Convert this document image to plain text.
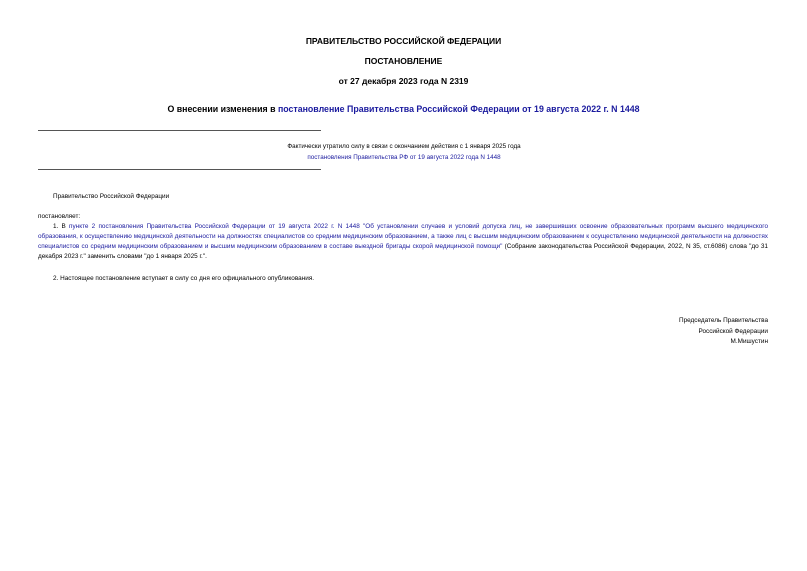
ПРАВИТЕЛЬСТВО РОССИЙСКОЙ ФЕДЕРАЦИИ
ПОСТАНОВЛЕНИЕ
от 27 декабря 2023 года N 2319
О внесении изменения в постановление Правительства Российской Федерации от 19 августа 2022 г. N 1448
Фактически утратило силу в связи с окончанием действия с 1 января 2025 года
постановления Правительства РФ от 19 августа 2022 года N 1448
Правительство Российской Федерации
постановляет:
1. В пункте 2 постановления Правительства Российской Федерации от 19 августа 2022 г. N 1448 "Об установлении случаев и условий допуска лиц, не завершивших освоение образовательных программ высшего медицинского образования, к осуществлению медицинской деятельности на должностях специалистов со средним медицинским образованием, а также лиц с высшим медицинским образованием к осуществлению медицинской деятельности на должностях специалистов со средним медицинским образованием и высшим медицинским образованием в составе выездной бригады скорой медицинской помощи" (Собрание законодательства Российской Федерации, 2022, N 35, ст.6086) слова "до 31 декабря 2023 г." заменить словами "до 1 января 2025 г.".
2. Настоящее постановление вступает в силу со дня его официального опубликования.
Председатель Правительства
Российской Федерации
М.Мишустин
